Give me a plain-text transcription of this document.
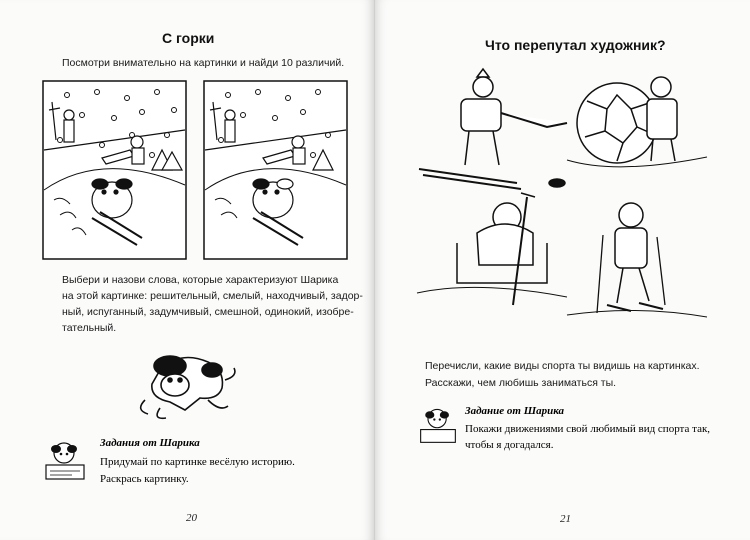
С горки
Посмотри внимательно на картинки и найди 10 различий.
Выбери и назови слова, которые характеризуют Шарика
на этой картинке: решительный, смелый, находчивый, задор-
ный, испуганный, задумчивый, смешной, одинокий, изобре-
тательный.
Задания от Шарика
Придумай по картинке весёлую историю.
Раскрась картинку.
20
Что перепутал художник?
Перечисли, какие виды спорта ты видишь на картинках.
Расскажи, чем любишь заниматься ты.
Задание от Шарика
Покажи движениями свой любимый вид спорта так,
чтобы я догадался.
21
